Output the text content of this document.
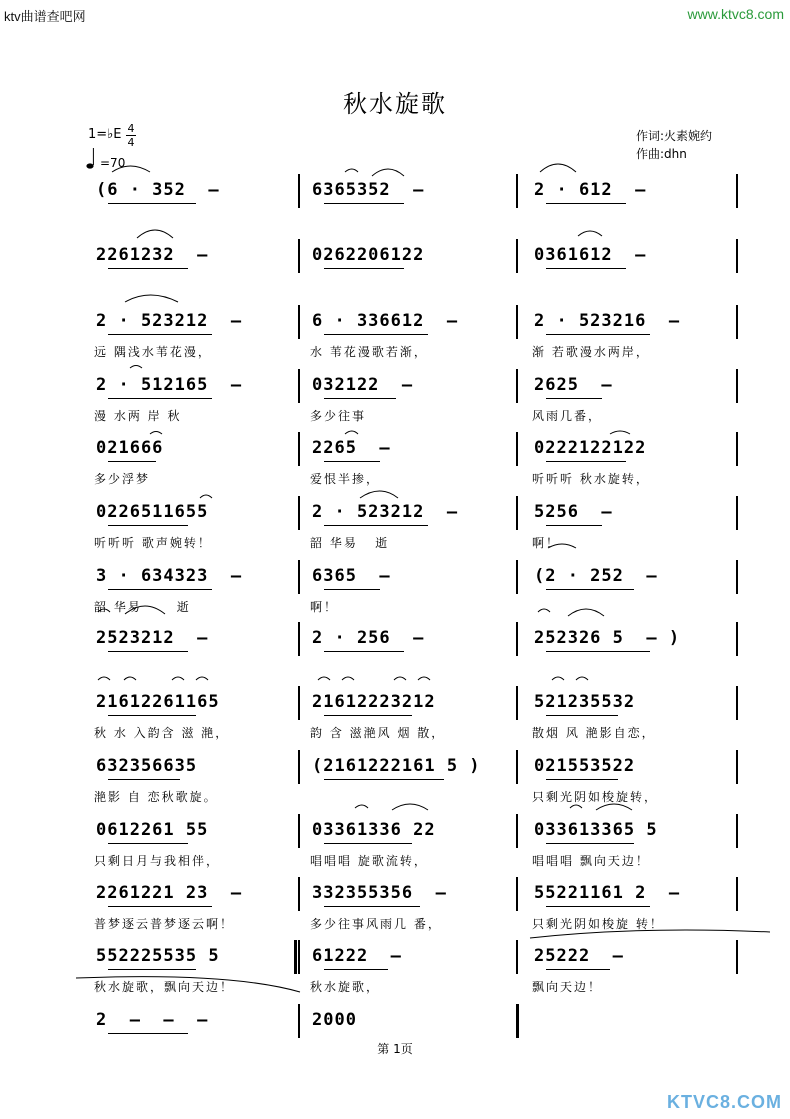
ktv曲谱查吧网	www.ktvc8.com
秋水旋歌
1=♭E $\frac{4}{4}$
=70
作词:火素婉约
作曲:dhn
(6 · 352  –	6365352  –	2 · 612  –
2261232  –	0262206122	0361612  –
2 · 523212  –	6 · 336612  –	2 · 523216  –
远 隅浅水苇花漫，	水 苇花漫歌若渐，	渐 若歌漫水两岸，
2 · 512165  –	032122  –	2625  –
漫 水两 岸 秋	多少往事	风雨几番，
021666	2265  –	0222122122
多少浮梦	爱恨半掺，	听听听 秋水旋转，
0226511655	2 · 523212  –	5256  –
听听听 歌声婉转！	韶 华易   逝	啊！
3 · 634323  –	6365  –	(2 · 252  –
韶 华易      逝	啊！
2523212  –	2 · 256  –	252326 5  – )
21612261165	21612223212	521235532
秋 水 入韵含 滋 滟，	韵 含 滋滟风 烟 散，	散烟 风 滟影自恋，
632356635	(2161222161 5 )	021553522
滟影 自 恋秋歌旋。	只剩光阴如梭旋转，
0612261 55	03361336 22	033613365 5
只剩日月与我相伴，	唱唱唱 旋歌流转，	唱唱唱 飘向天边！
2261221 23  –	332355356  –	55221161 2  –
普梦逐云普梦逐云啊！	多少往事风雨几 番，	只剩光阴如梭旋 转！
552225535 5	61222  –	25222  –
秋水旋歌，飘向天边！	秋水旋歌，	飘向天边！
2  –  –  –	2000
第 1页
KTVC8.COM
